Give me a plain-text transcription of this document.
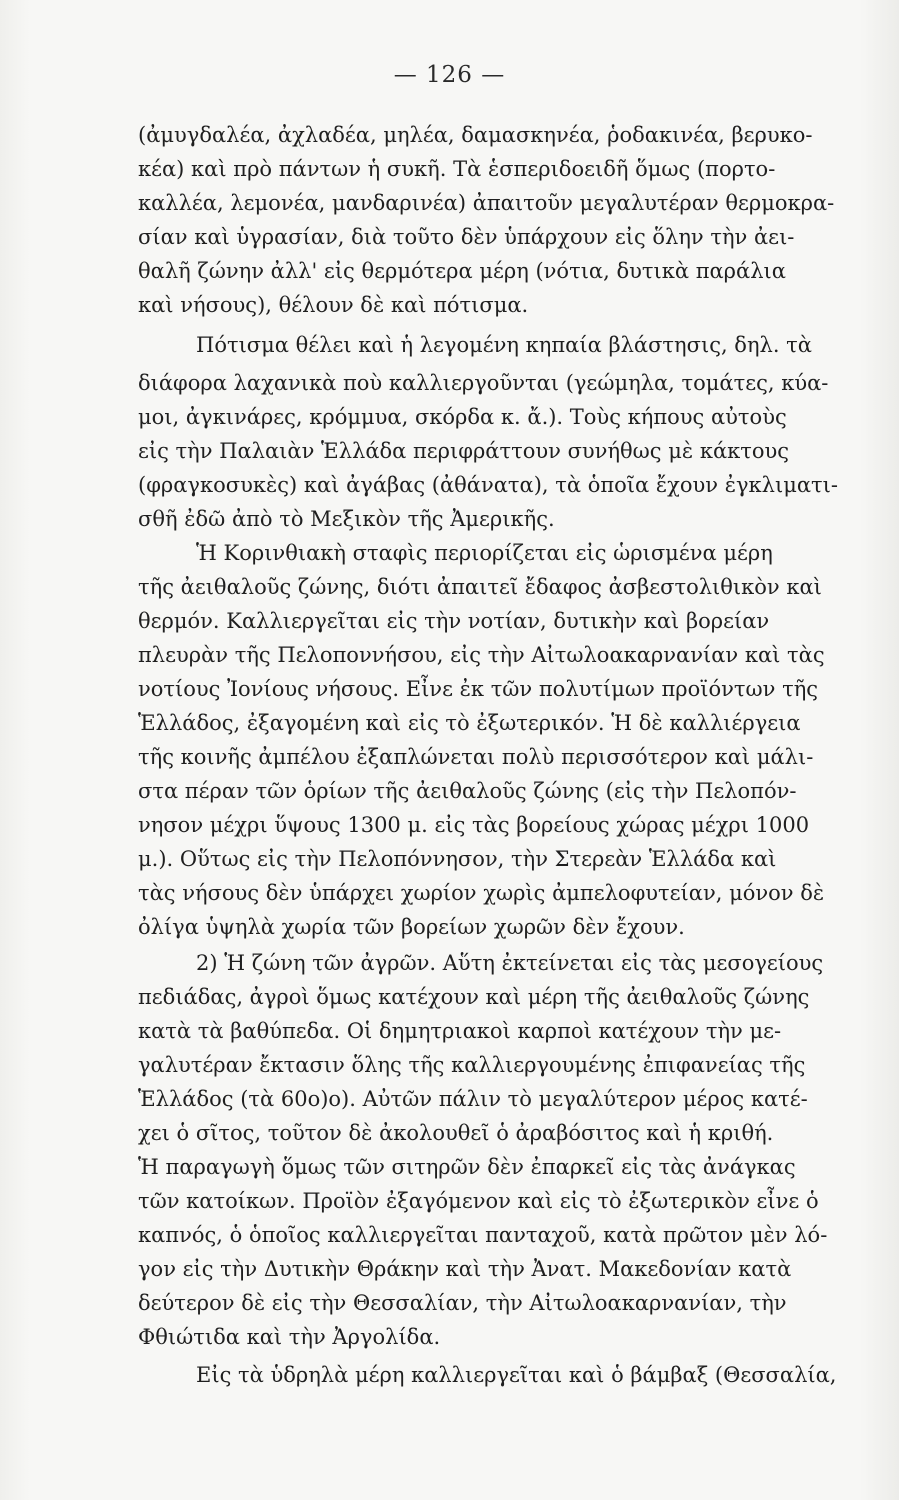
— 126 —
(ἀμυγδαλέα, ἀχλαδέα, μηλέα, δαμασκηνέα, ῥοδακινέα, βερυκο-
κέα) καὶ πρὸ πάντων ἡ συκῆ. Τὰ ἑσπεριδοειδῆ ὅμως (πορτο-
καλλέα, λεμονέα, μανδαρινέα) ἀπαιτοῦν μεγαλυτέραν θερμοκρα-
σίαν καὶ ὑγρασίαν, διὰ τοῦτο δὲν ὑπάρχουν εἰς ὅλην τὴν ἀει-
θαλῆ ζώνην ἀλλ' εἰς θερμότερα μέρη (νότια, δυτικὰ παράλια
καὶ νήσους), θέλουν δὲ καὶ πότισμα.
Πότισμα θέλει καὶ ἡ λεγομένη κηπαία βλάστησις, δηλ. τὰ
διάφορα λαχανικὰ ποὺ καλλιεργοῦνται (γεώμηλα, τομάτες, κύα-
μοι, ἀγκινάρες, κρόμμυα, σκόρδα κ. ἄ.). Τοὺς κήπους αὐτοὺς
εἰς τὴν Παλαιὰν Ἑλλάδα περιφράττουν συνήθως μὲ κάκτους
(φραγκοσυκὲς) καὶ ἀγάβας (ἀθάνατα), τὰ ὁποῖα ἔχουν ἐγκλιματι-
σθῆ ἐδῶ ἀπὸ τὸ Μεξικὸν τῆς Ἀμερικῆς.
Ἡ Κορινθιακὴ σταφὶς περιορίζεται εἰς ὡρισμένα μέρη
τῆς ἀειθαλοῦς ζώνης, διότι ἀπαιτεῖ ἔδαφος ἀσβεστολιθικὸν καὶ
θερμόν. Καλλιεργεῖται εἰς τὴν νοτίαν, δυτικὴν καὶ βορείαν
πλευρὰν τῆς Πελοποννήσου, εἰς τὴν Αἰτωλοακαρνανίαν καὶ τὰς
νοτίους Ἰονίους νήσους. Εἶνε ἐκ τῶν πολυτίμων προϊόντων τῆς
Ἑλλάδος, ἐξαγομένη καὶ εἰς τὸ ἐξωτερικόν. Ἡ δὲ καλλιέργεια
τῆς κοινῆς ἀμπέλου ἐξαπλώνεται πολὺ περισσότερον καὶ μάλι-
στα πέραν τῶν ὁρίων τῆς ἀειθαλοῦς ζώνης (εἰς τὴν Πελοπόν-
νησον μέχρι ὕψους 1300 μ. εἰς τὰς βορείους χώρας μέχρι 1000
μ.). Οὕτως εἰς τὴν Πελοπόννησον, τὴν Στερεὰν Ἑλλάδα καὶ
τὰς νήσους δὲν ὑπάρχει χωρίον χωρὶς ἀμπελοφυτείαν, μόνον δὲ
ὀλίγα ὑψηλὰ χωρία τῶν βορείων χωρῶν δὲν ἔχουν.
2) Ἡ ζώνη τῶν ἀγρῶν. Αὕτη ἐκτείνεται εἰς τὰς μεσογείους
πεδιάδας, ἀγροὶ ὅμως κατέχουν καὶ μέρη τῆς ἀειθαλοῦς ζώνης
κατὰ τὰ βαθύπεδα. Οἱ δημητριακοὶ καρποὶ κατέχουν τὴν με-
γαλυτέραν ἔκτασιν ὅλης τῆς καλλιεργουμένης ἐπιφανείας τῆς
Ἑλλάδος (τὰ 60ο)ο). Αὐτῶν πάλιν τὸ μεγαλύτερον μέρος κατέ-
χει ὁ σῖτος, τοῦτον δὲ ἀκολουθεῖ ὁ ἀραβόσιτος καὶ ἡ κριθή.
Ἡ παραγωγὴ ὅμως τῶν σιτηρῶν δὲν ἐπαρκεῖ εἰς τὰς ἀνάγκας
τῶν κατοίκων. Προϊὸν ἐξαγόμενον καὶ εἰς τὸ ἐξωτερικὸν εἶνε ὁ
καπνός, ὁ ὁποῖος καλλιεργεῖται πανταχοῦ, κατὰ πρῶτον μὲν λό-
γον εἰς τὴν Δυτικὴν Θράκην καὶ τὴν Ἀνατ. Μακεδονίαν κατὰ
δεύτερον δὲ εἰς τὴν Θεσσαλίαν, τὴν Αἰτωλοακαρνανίαν, τὴν
Φθιώτιδα καὶ τὴν Ἀργολίδα.
Εἰς τὰ ὑδρηλὰ μέρη καλλιεργεῖται καὶ ὁ βάμβαξ (Θεσσαλία,
